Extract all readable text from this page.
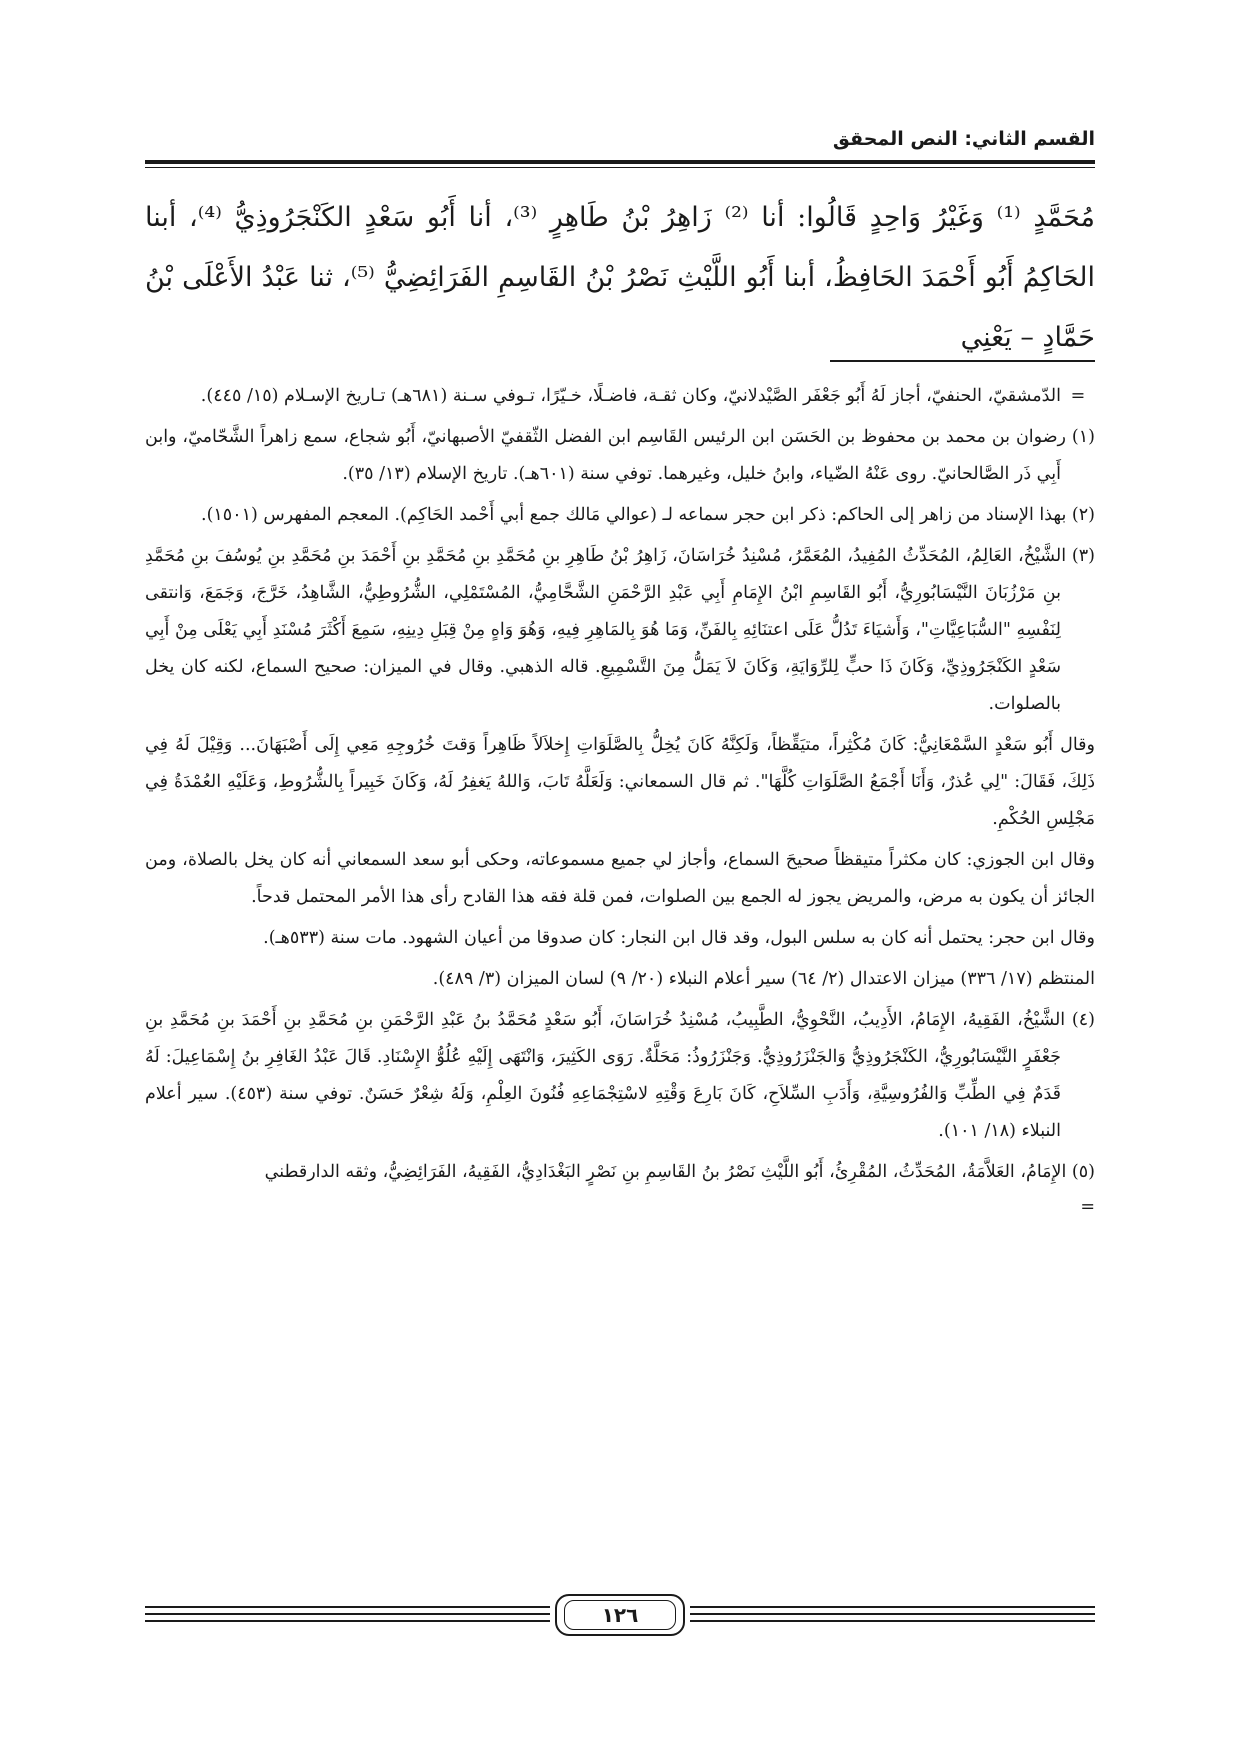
القسم الثاني: النص المحقق

مُحَمَّدٍ ⁽¹⁾ وَغَيْرُ وَاحِدٍ قَالُوا: أنا ⁽²⁾ زَاهِرُ بْنُ طَاهِرٍ ⁽³⁾، أنا أَبُو سَعْدٍ الكَنْجَرُوذِيُّ ⁽⁴⁾، أبنا الحَاكِمُ أَبُو أَحْمَدَ الحَافِظُ، أبنا أَبُو اللَّيْثِ نَصْرُ بْنُ القَاسِمِ الفَرَائِضِيُّ ⁽⁵⁾، ثنا عَبْدُ الأَعْلَى بْنُ حَمَّادٍ – يَعْنِي

=الدّمشقيّ، الحنفيّ، أجاز لَهُ أَبُو جَعْفَر الصَّيْدلانيّ، وكان ثقـة، فاضـلًا، خـيّرًا، تـوفي سـنة (٦٨١هـ) تـاريخ الإسـلام (١٥/ ٤٤٥).

(١) رضوان بن محمد بن محفوظ بن الحَسَن ابن الرئيس القَاسِم ابن الفضل الثّقفيّ الأصبهانيّ، أَبُو شجاع، سمع زاهراً الشَّحّاميّ، وابن أَبِي ذَر الصَّالحانيّ. روى عَنْهُ الضّياء، وابنُ خليل، وغيرهما. توفي سنة (٦٠١هـ). تاريخ الإسلام (١٣/ ٣٥).

(٢) بهذا الإسناد من زاهر إلى الحاكم: ذكر ابن حجر سماعه لـ (عوالي مَالك جمع أبي أَحْمد الحَاكِم). المعجم المفهرس (١٥٠١).

(٣) الشَّيْخُ، العَالِمُ، المُحَدِّثُ المُفِيدُ، المُعَمَّرُ، مُسْنِدُ خُرَاسَانَ، زَاهِرُ بْنُ طَاهِرِ بنِ مُحَمَّدِ بنِ مُحَمَّدِ بنِ أَحْمَدَ بنِ مُحَمَّدِ بنِ يُوسُفَ بنِ مُحَمَّدِ بنِ مَرْزُبَانَ النَّيْسَابُورِيُّ، أَبُو القَاسِمِ ابْنُ الإِمَامِ أَبِي عَبْدِ الرَّحْمَنِ الشَّحَّامِيُّ، المُسْتَمْلِي، الشُّرُوطِيُّ، الشَّاهِدُ، خَرَّجَ، وَجَمَعَ، وَانتقى لِنَفْسِهِ "السُّبَاعِيَّاتِ"، وَأَشيَاءَ تَدُلُّ عَلَى اعتنَائِهِ بِالفَنِّ، وَمَا هُوَ بِالمَاهِرِ فِيهِ، وَهُوَ وَاهٍ مِنْ قِبَلِ دِينِهِ، سَمِعَ أَكْثَرَ مُسْنَدِ أَبِي يَعْلَى مِنْ أَبِي سَعْدٍ الكَنْجَرُوذِيِّ، وَكَانَ ذَا حبٍّ لِلرِّوَايَةِ، وَكَانَ لاَ يَمَلُّ مِنَ التَّسْمِيعِ. قاله الذهبي. وقال في الميزان: صحيح السماع، لكنه كان يخل بالصلوات.

وقال أَبُو سَعْدٍ السَّمْعَانِيُّ: كَانَ مُكْثِراً، متيَقِّظاً، وَلَكِنَّهُ كَانَ يُخِلُّ بِالصَّلَوَاتِ إِخلاَلاً ظَاهِراً وَقتَ خُرُوجِهِ مَعِي إِلَى أَصْبَهَانَ... وَقِيْلَ لَهُ فِي ذَلِكَ، فَقَالَ: "لِي عُذرٌ، وَأَنَا أَجْمَعُ الصَّلَوَاتِ كُلَّهَا". ثم قال السمعاني: وَلَعَلَّهُ تَابَ، وَاللهُ يَغفِرُ لَهُ، وَكَانَ خَبِيراً بِالشُّرُوطِ، وَعَلَيْهِ العُمْدَةُ فِي مَجْلِسِ الحُكْمِ.

وقال ابن الجوزي: كان مكثراً متيقظاً صحيحَ السماع، وأجاز لي جميع مسموعاته، وحكى أبو سعد السمعاني أنه كان يخل بالصلاة، ومن الجائز أن يكون به مرض، والمريض يجوز له الجمع بين الصلوات، فمن قلة فقه هذا القادح رأى هذا الأمر المحتمل قدحاً.

وقال ابن حجر: يحتمل أنه كان به سلس البول، وقد قال ابن النجار: كان صدوقا من أعيان الشهود. مات سنة (٥٣٣هـ).

المنتظم (١٧/ ٣٣٦) ميزان الاعتدال (٢/ ٦٤) سير أعلام النبلاء (٢٠/ ٩) لسان الميزان (٣/ ٤٨٩).

(٤) الشَّيْخُ، الفَقِيهُ، الإِمَامُ، الأَدِيبُ، النَّحْوِيُّ، الطَّبِيبُ، مُسْنِدُ خُرَاسَانَ، أَبُو سَعْدٍ مُحَمَّدُ بنُ عَبْدِ الرَّحْمَنِ بنِ مُحَمَّدِ بنِ أَحْمَدَ بنِ مُحَمَّدِ بنِ جَعْفَرٍ النَّيْسَابُورِيُّ، الكَنْجَرُوذِيُّ وَالجَنْزَرُوذِيُّ. وَجَنْزَرُوذُ: مَحَلَّةٌ. رَوَى الكَثِيرَ، وَانْتَهَى إِلَيْهِ عُلُوُّ الإِسْنَادِ. قَالَ عَبْدُ الغَافِرِ بنُ إِسْمَاعِيلَ: لَهُ قَدَمٌ فِي الطِّبِّ وَالفُرُوسِيَّةِ، وَأَدَبِ السِّلاَحِ، كَانَ بَارِعَ وَقْتِهِ لاسْتِجْمَاعِهِ فُنُونَ العِلْمِ، وَلَهُ شِعْرٌ حَسَنٌ. توفي سنة (٤٥٣). سير أعلام النبلاء (١٨/ ١٠١).

(٥) الإِمَامُ، العَلاَّمَةُ، المُحَدِّثُ، المُقْرِئُ، أَبُو اللَّيْثِ نَصْرُ بنُ القَاسِمِ بنِ نَصْرٍ البَغْدَادِيُّ، الفَقِيهُ، الفَرَائِضِيُّ، وثقه الدارقطني

=

١٢٦
